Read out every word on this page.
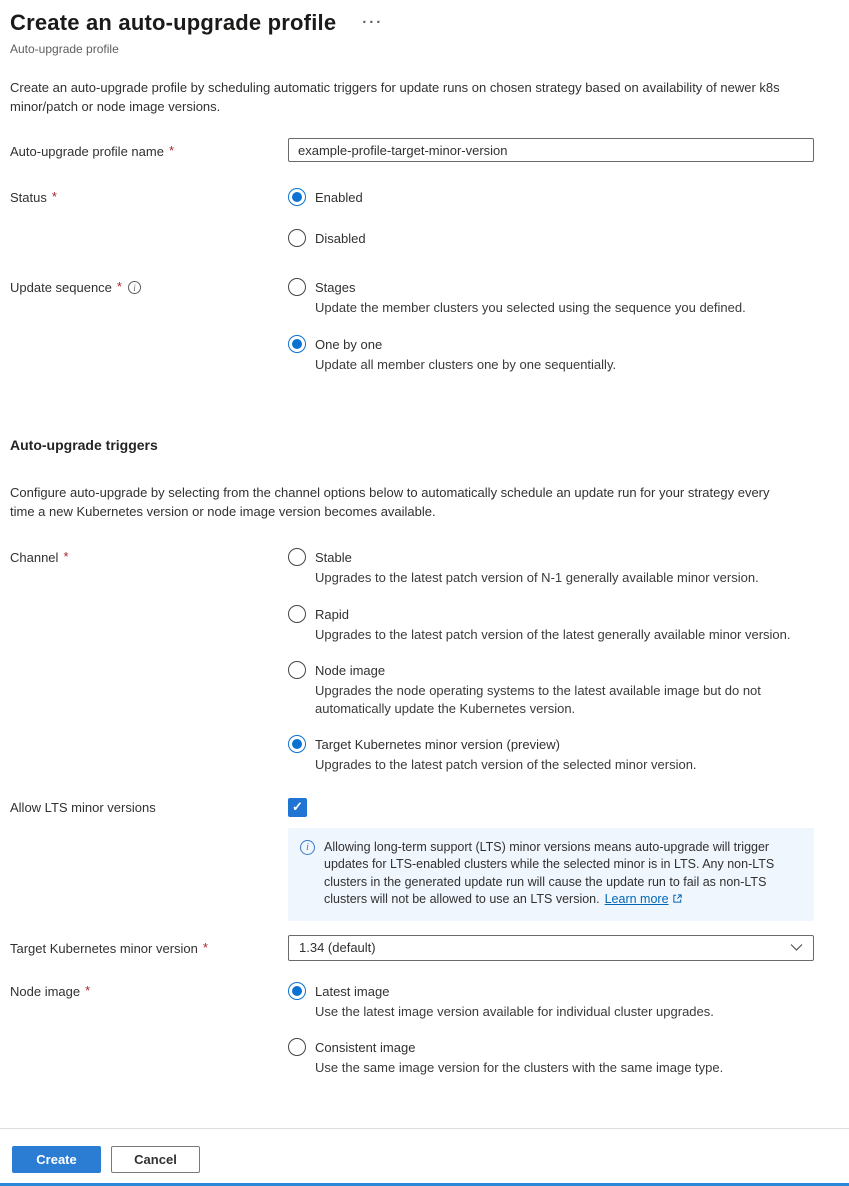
Create an auto-upgrade profile ···
Auto-upgrade profile

Create an auto-upgrade profile by scheduling automatic triggers for update runs on chosen strategy based on availability of newer k8s minor/patch or node image versions.

Auto-upgrade profile name *
example-profile-target-minor-version
Status *	Enabled
Disabled
Update sequence * i	Stages
Update the member clusters you selected using the sequence you defined.
One by one
Update all member clusters one by one sequentially.
Auto-upgrade triggers

Configure auto-upgrade by selecting from the channel options below to automatically schedule an update run for your strategy every time a new Kubernetes version or node image version becomes available.

Channel *	Stable
Upgrades to the latest patch version of N-1 generally available minor version.
Rapid
Upgrades to the latest patch version of the latest generally available minor version.
Node image
Upgrades the node operating systems to the latest available image but do not automatically update the Kubernetes version.
Target Kubernetes minor version (preview)
Upgrades to the latest patch version of the selected minor version.
Allow LTS minor versions
✓
i
Allowing long-term support (LTS) minor versions means auto-upgrade will trigger updates for LTS-enabled clusters while the selected minor is in LTS. Any non-LTS clusters in the generated update run will cause the update run to fail as non-LTS clusters will not be allowed to use an LTS version. Learn more
Target Kubernetes minor version *	1.34 (default)
Node image *	Latest image
Use the latest image version available for individual cluster upgrades.
Consistent image
Use the same image version for the clusters with the same image type.
Create	Cancel
